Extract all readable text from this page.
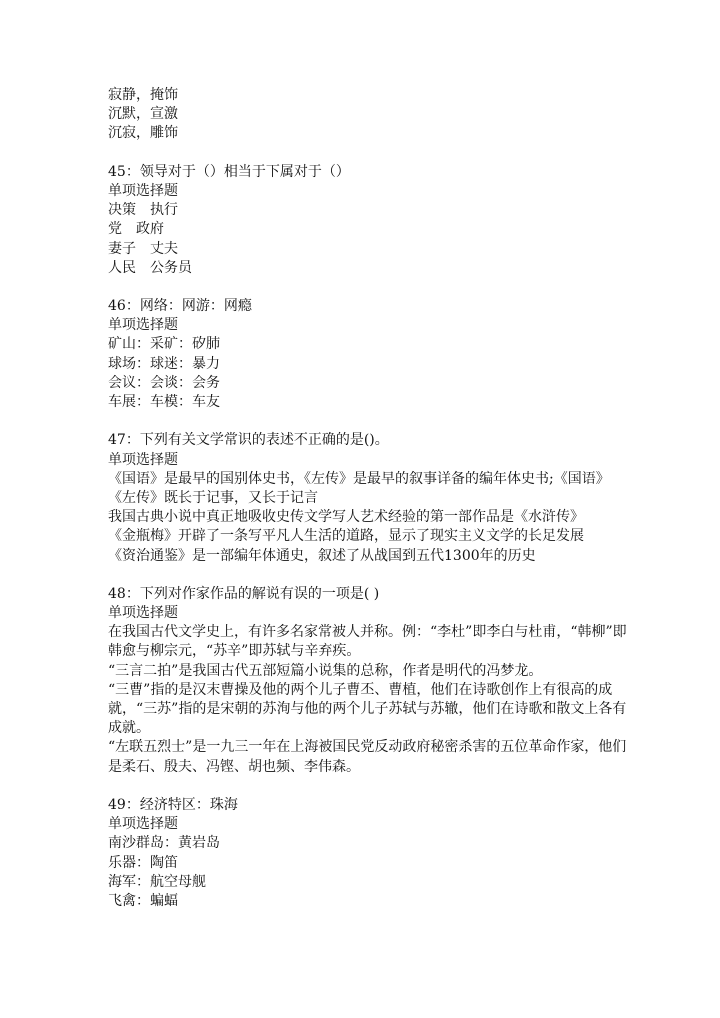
寂静，掩饰
沉默，宣激
沉寂，雕饰
45：领导对于（）相当于下属对于（）
单项选择题
决策　执行
党　政府
妻子　丈夫
人民　公务员
46：网络：网游：网瘾
单项选择题
矿山：采矿：矽肺
球场：球迷：暴力
会议：会谈：会务
车展：车模：车友
47：下列有关文学常识的表述不正确的是()。
单项选择题
《国语》是最早的国别体史书，《左传》是最早的叙事详备的编年体史书;《国语》
《左传》既长于记事，又长于记言
我国古典小说中真正地吸收史传文学写人艺术经验的第一部作品是《水浒传》
《金瓶梅》开辟了一条写平凡人生活的道路，显示了现实主义文学的长足发展
《资治通鉴》是一部编年体通史，叙述了从战国到五代1300年的历史
48：下列对作家作品的解说有误的一项是( )
单项选择题
在我国古代文学史上，有许多名家常被人并称。例：“李杜”即李白与杜甫，“韩柳”即韩愈与柳宗元，“苏辛”即苏轼与辛弃疾。
“三言二拍”是我国古代五部短篇小说集的总称，作者是明代的冯梦龙。
“三曹”指的是汉末曹操及他的两个儿子曹丕、曹植，他们在诗歌创作上有很高的成就，“三苏”指的是宋朝的苏洵与他的两个儿子苏轼与苏辙，他们在诗歌和散文上各有成就。
“左联五烈士”是一九三一年在上海被国民党反动政府秘密杀害的五位革命作家，他们是柔石、殷夫、冯铿、胡也频、李伟森。
49：经济特区：珠海
单项选择题
南沙群岛：黄岩岛
乐器：陶笛
海军：航空母舰
飞禽：蝙蝠
